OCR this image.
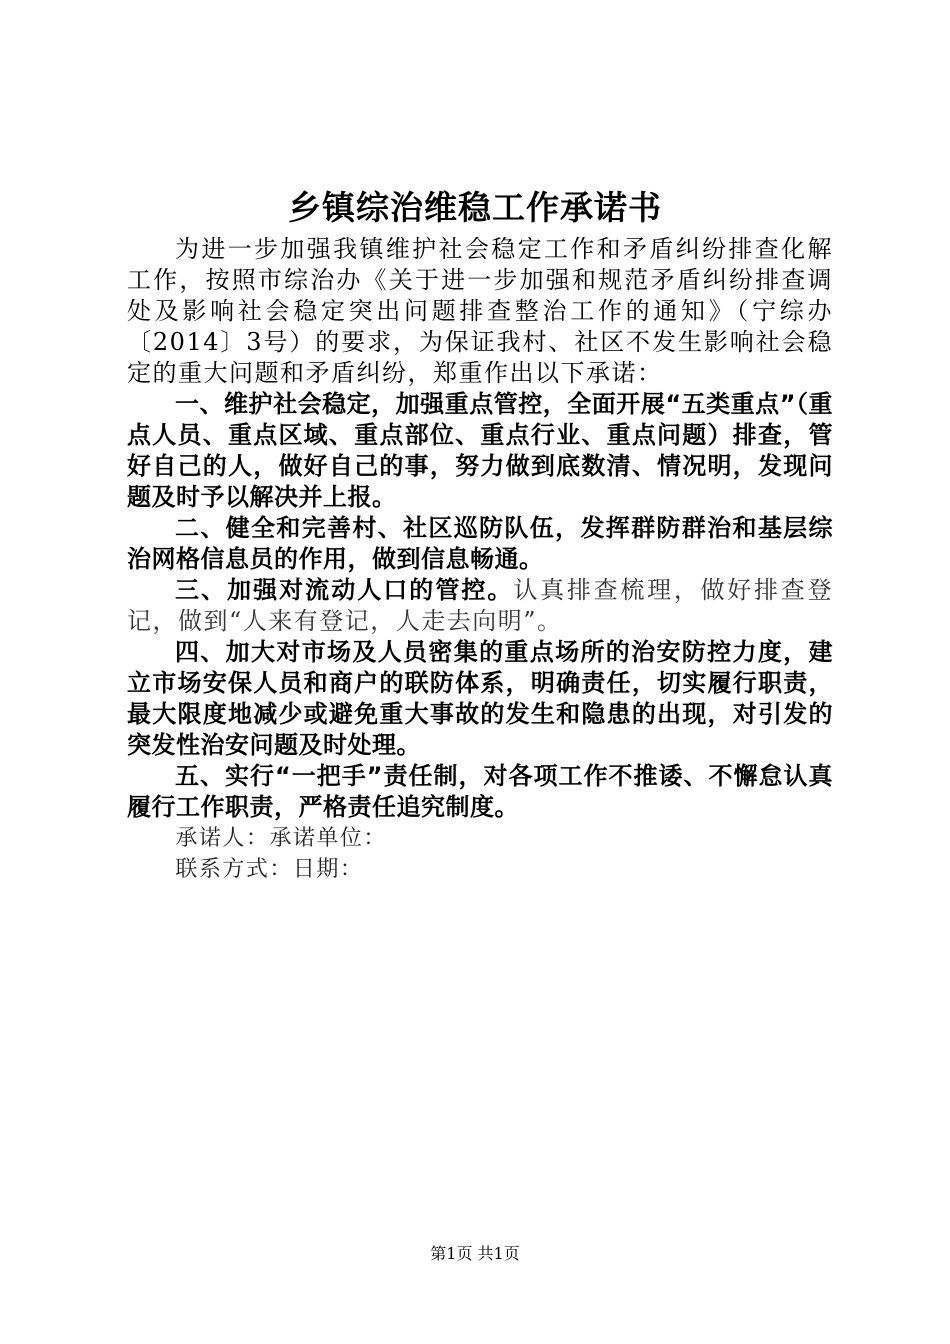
乡镇综治维稳工作承诺书

为进一步加强我镇维护社会稳定工作和矛盾纠纷排查化解工作，按照市综治办《关于进一步加强和规范矛盾纠纷排查调处及影响社会稳定突出问题排查整治工作的通知》（宁综办〔2014〕3号）的要求，为保证我村、社区不发生影响社会稳定的重大问题和矛盾纠纷，郑重作出以下承诺：

一、维护社会稳定，加强重点管控，全面开展“五类重点”（重点人员、重点区域、重点部位、重点行业、重点问题）排查，管好自己的人，做好自己的事，努力做到底数清、情况明，发现问题及时予以解决并上报。

二、健全和完善村、社区巡防队伍，发挥群防群治和基层综治网格信息员的作用，做到信息畅通。

三、加强对流动人口的管控。认真排查梳理，做好排查登记，做到“人来有登记，人走去向明”。

四、加大对市场及人员密集的重点场所的治安防控力度，建立市场安保人员和商户的联防体系，明确责任，切实履行职责，最大限度地减少或避免重大事故的发生和隐患的出现，对引发的突发性治安问题及时处理。

五、实行“一把手”责任制，对各项工作不推诿、不懈怠认真履行工作职责，严格责任追究制度。

承诺人：承诺单位：

联系方式：日期：

第1页 共1页
